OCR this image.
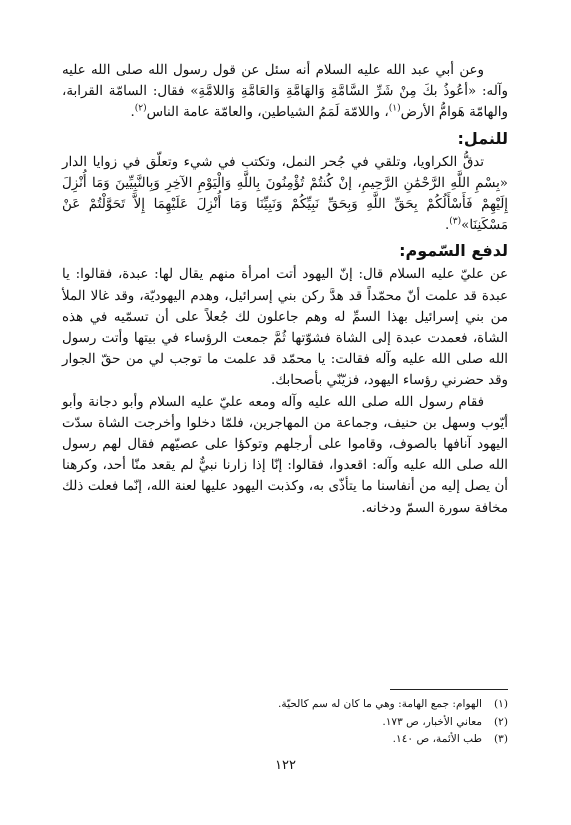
وعن أبي عبد الله عليه السلام أنه سئل عن قول رسول الله صلى الله عليه وآله: «أعُوذُ بكَ مِنْ شَرِّ السَّامَّةِ وَالهَامَّةِ وَالعَامَّةِ وَاللامَّةِ» فقال: السامّة القرابة، والهامّة هَوامُّ الأرض$^{(١)}$، واللامّة لَمَمُ الشياطين، والعامّة عامة الناس$^{(٢)}$.

للنمل:

تدقُّ الكراويا، وتلقي في جُحر النمل، وتكتب في شيء وتعلّق في زوايا الدار «بِسْمِ اللَّهِ الرَّحْمَٰنِ الرَّحِيمِ، إنْ كُنتُمْ تُؤْمِنُونَ بِاللَّهِ وَالْيَوْمِ الآخِرِ وَبِالنَّبِيِّينَ وَمَا أُنْزِلَ إِلَيْهِمْ فَأَسْأَلُكُمْ بِحَقِّ اللَّهِ وَبِحَقِّ نَبِيِّكُمْ وَنَبِيِّنَا وَمَا أُنْزِلَ عَلَيْهِمَا إِلاَّ تَحَوَّلْتُمْ عَنْ مَسْكَنِنَا»$^{(٣)}$.

لدفع السّموم:

عن عليّ عليه السلام قال: إنّ اليهود أتت امرأة منهم يقال لها: عبدة، فقالوا: يا عبدة قد علمت أنّ محمّداً قد هدَّ ركن بني إسرائيل، وهدم اليهوديّة، وقد غالا الملأ من بني إسرائيل بهذا السمِّ له وهم جاعلون لك جُعلاً على أن تسمّيه في هذه الشاة، فعمدت عبدة إلى الشاة فشوّتها ثُمَّ جمعت الرؤساء في بيتها وأتت رسول الله صلى الله عليه وآله فقالت: يا محمّد قد علمت ما توجب لي من حقّ الجوار وقد حضرني رؤساء اليهود، فزيّنّي بأصحابك.

فقام رسول الله صلى الله عليه وآله ومعه عليّ عليه السلام وأبو دجانة وأبو أيّوب وسهل بن حنيف، وجماعة من المهاجرين، فلمّا دخلوا وأخرجت الشاة سدّت اليهود آنافها بالصوف، وقاموا على أرجلهم وتوكؤا على عصيّهم فقال لهم رسول الله صلى الله عليه وآله: اقعدوا، فقالوا: إنّا إذا زارنا نبيٌّ لم يقعد منّا أحد، وكرهنا أن يصل إليه من أنفاسنا ما يتأذّى به، وكذبت اليهود عليها لعنة الله، إنّما فعلت ذلك مخافة سورة السمّ ودخانه.

(١)الهوام: جمع الهامة: وهي ما كان له سم كالحيّة.
(٢)معاني الأخبار، ص ١٧٣.
(٣)طب الأئمة، ص ١٤٠.
١٢٢
